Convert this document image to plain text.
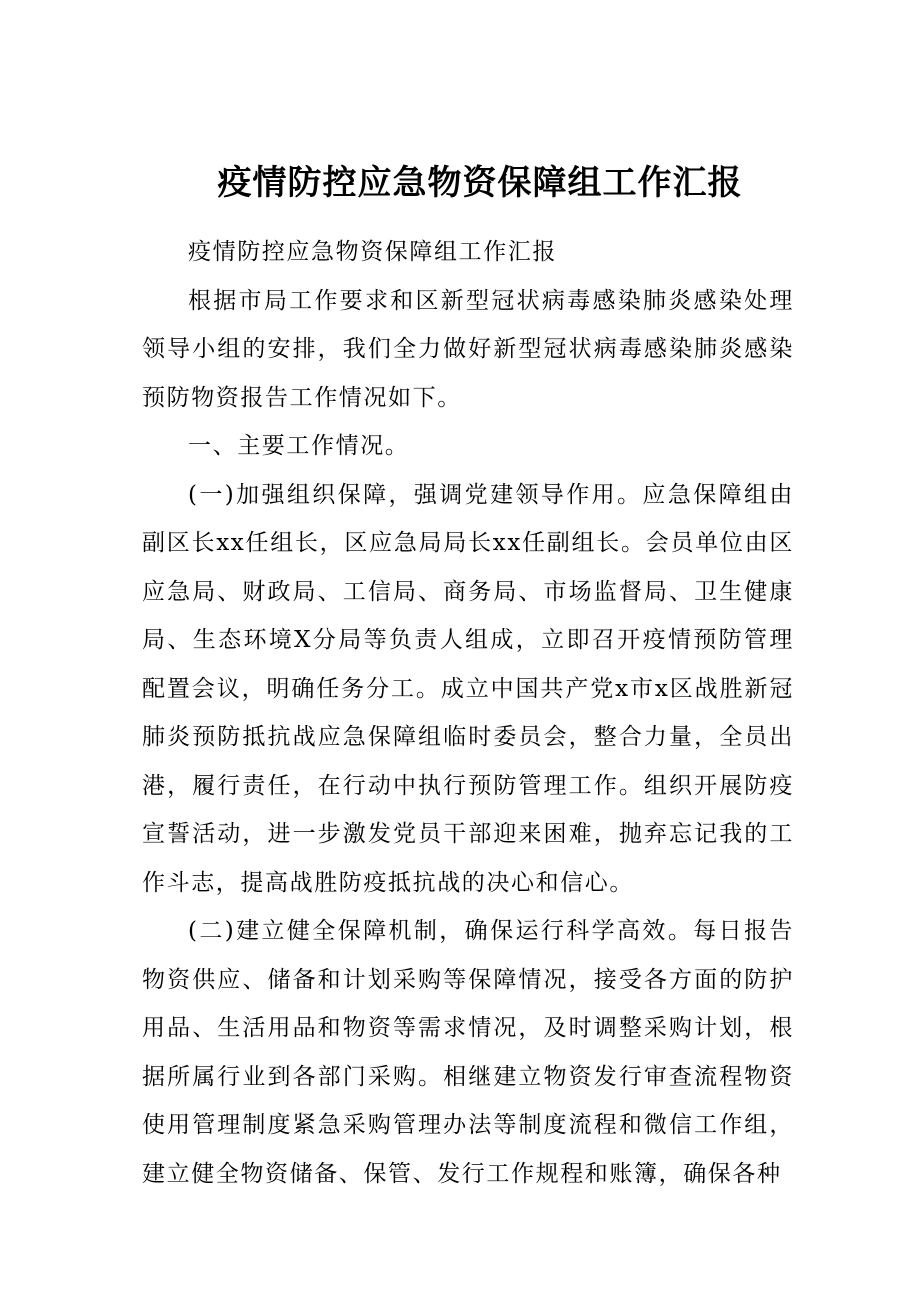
疫情防控应急物资保障组工作汇报

疫情防控应急物资保障组工作汇报

根据市局工作要求和区新型冠状病毒感染肺炎感染处理领导小组的安排，我们全力做好新型冠状病毒感染肺炎感染预防物资报告工作情况如下。

一、主要工作情况。

(一)加强组织保障，强调党建领导作用。应急保障组由副区长xx任组长，区应急局局长xx任副组长。会员单位由区应急局、财政局、工信局、商务局、市场监督局、卫生健康局、生态环境X分局等负责人组成，立即召开疫情预防管理配置会议，明确任务分工。成立中国共产党x市x区战胜新冠肺炎预防抵抗战应急保障组临时委员会，整合力量，全员出港，履行责任，在行动中执行预防管理工作。组织开展防疫宣誓活动，进一步激发党员干部迎来困难，抛弃忘记我的工作斗志，提高战胜防疫抵抗战的决心和信心。

(二)建立健全保障机制，确保运行科学高效。每日报告物资供应、储备和计划采购等保障情况，接受各方面的防护用品、生活用品和物资等需求情况，及时调整采购计划，根据所属行业到各部门采购。相继建立物资发行审查流程物资使用管理制度紧急采购管理办法等制度流程和微信工作组，建立健全物资储备、保管、发行工作规程和账簿，确保各种
